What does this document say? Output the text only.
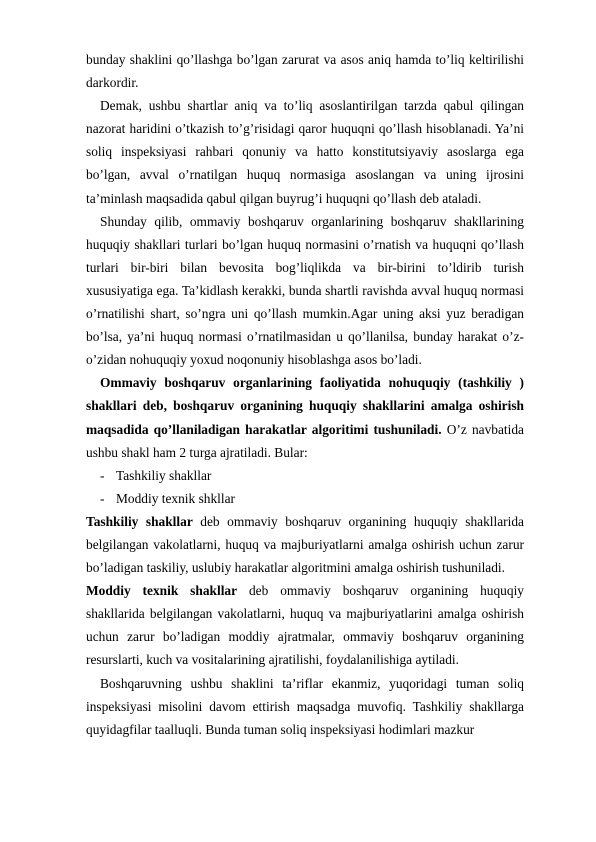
bunday shaklini qo’llashga bo’lgan zarurat va asos aniq hamda to’liq keltirilishi darkordir.

Demak, ushbu shartlar aniq va to’liq asoslantirilgan tarzda qabul qilingan nazorat haridini o’tkazish to’g’risidagi qaror huquqni qo’llash hisoblanadi. Ya’ni soliq inspeksiyasi rahbari qonuniy va hatto konstitutsiyaviy asoslarga ega bo’lgan, avval o’rnatilgan huquq normasiga asoslangan va uning ijrosini ta’minlash maqsadida qabul qilgan buyrug’i huquqni qo’llash deb ataladi.

Shunday qilib, ommaviy boshqaruv organlarining boshqaruv shakllarining huquqiy shakllari turlari bo’lgan huquq normasini o’rnatish va huquqni qo’llash turlari bir-biri bilan bevosita bog’liqlikda va bir-birini to’ldirib turish xususiyatiga ega. Ta’kidlash kerakki, bunda shartli ravishda avval huquq normasi o’rnatilishi shart, so’ngra uni qo’llash mumkin.Agar uning aksi yuz beradigan bo’lsa, ya’ni huquq normasi o’rnatilmasidan u qo’llanilsa, bunday harakat o’z-o’zidan nohuquqiy yoxud noqonuniy hisoblashga asos bo’ladi.

Ommaviy boshqaruv organlarining faoliyatida nohuquqiy (tashkiliy ) shakllari deb, boshqaruv organining huquqiy shakllarini amalga oshirish maqsadida qo’llaniladigan harakatlar algoritimi tushuniladi. O’z navbatida ushbu shakl ham 2 turga ajratiladi. Bular:

- Tashkiliy shakllar
- Moddiy texnik shkllar

Tashkiliy shakllar deb ommaviy boshqaruv organining huquqiy shakllarida belgilangan vakolatlarni, huquq va majburiyatlarni amalga oshirish uchun zarur bo’ladigan taskiliy, uslubiy harakatlar algoritmini amalga oshirish tushuniladi.

Moddiy texnik shakllar deb ommaviy boshqaruv organining huquqiy shakllarida belgilangan vakolatlarni, huquq va majburiyatlarini amalga oshirish uchun zarur bo’ladigan moddiy ajratmalar, ommaviy boshqaruv organining resurslarti, kuch va vositalarining ajratilishi, foydalanilishiga aytiladi.

Boshqaruvning ushbu shaklini ta’riflar ekanmiz, yuqoridagi tuman soliq inspeksiyasi misolini davom ettirish maqsadga muvofiq. Tashkiliy shakllarga quyidagfilar taalluqli. Bunda tuman soliq inspeksiyasi hodimlari mazkur
